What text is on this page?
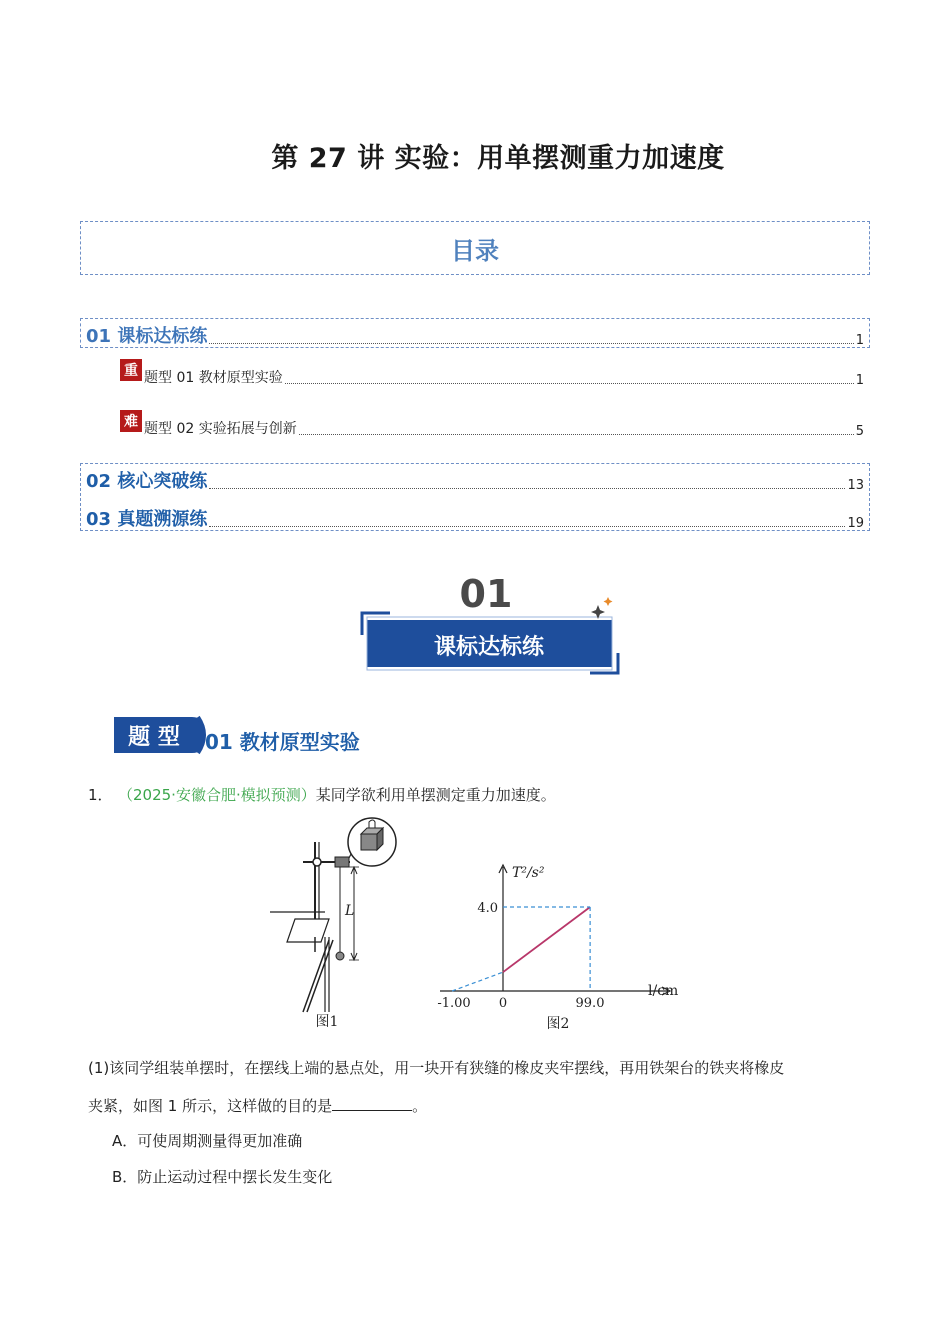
第 27 讲 实验：用单摆测重力加速度
目录
01 课标达标练	1
重 题型 01 教材原型实验	1
难 题型 02 实验拓展与创新	5
02 核心突破练	13
03 真题溯源练	19
01
课标达标练
题 型 01 教材原型实验
1． （2025·安徽合肥·模拟预测）某同学欲利用单摆测定重力加速度。
L
图1
T²/s²
l/cm
4.0
-1.00 0	99.0
图2
(1)该同学组装单摆时，在摆线上端的悬点处，用一块开有狭缝的橡皮夹牢摆线，再用铁架台的铁夹将橡皮
夹紧，如图 1 所示，这样做的目的是	。
A．可使周期测量得更加准确
B．防止运动过程中摆长发生变化
